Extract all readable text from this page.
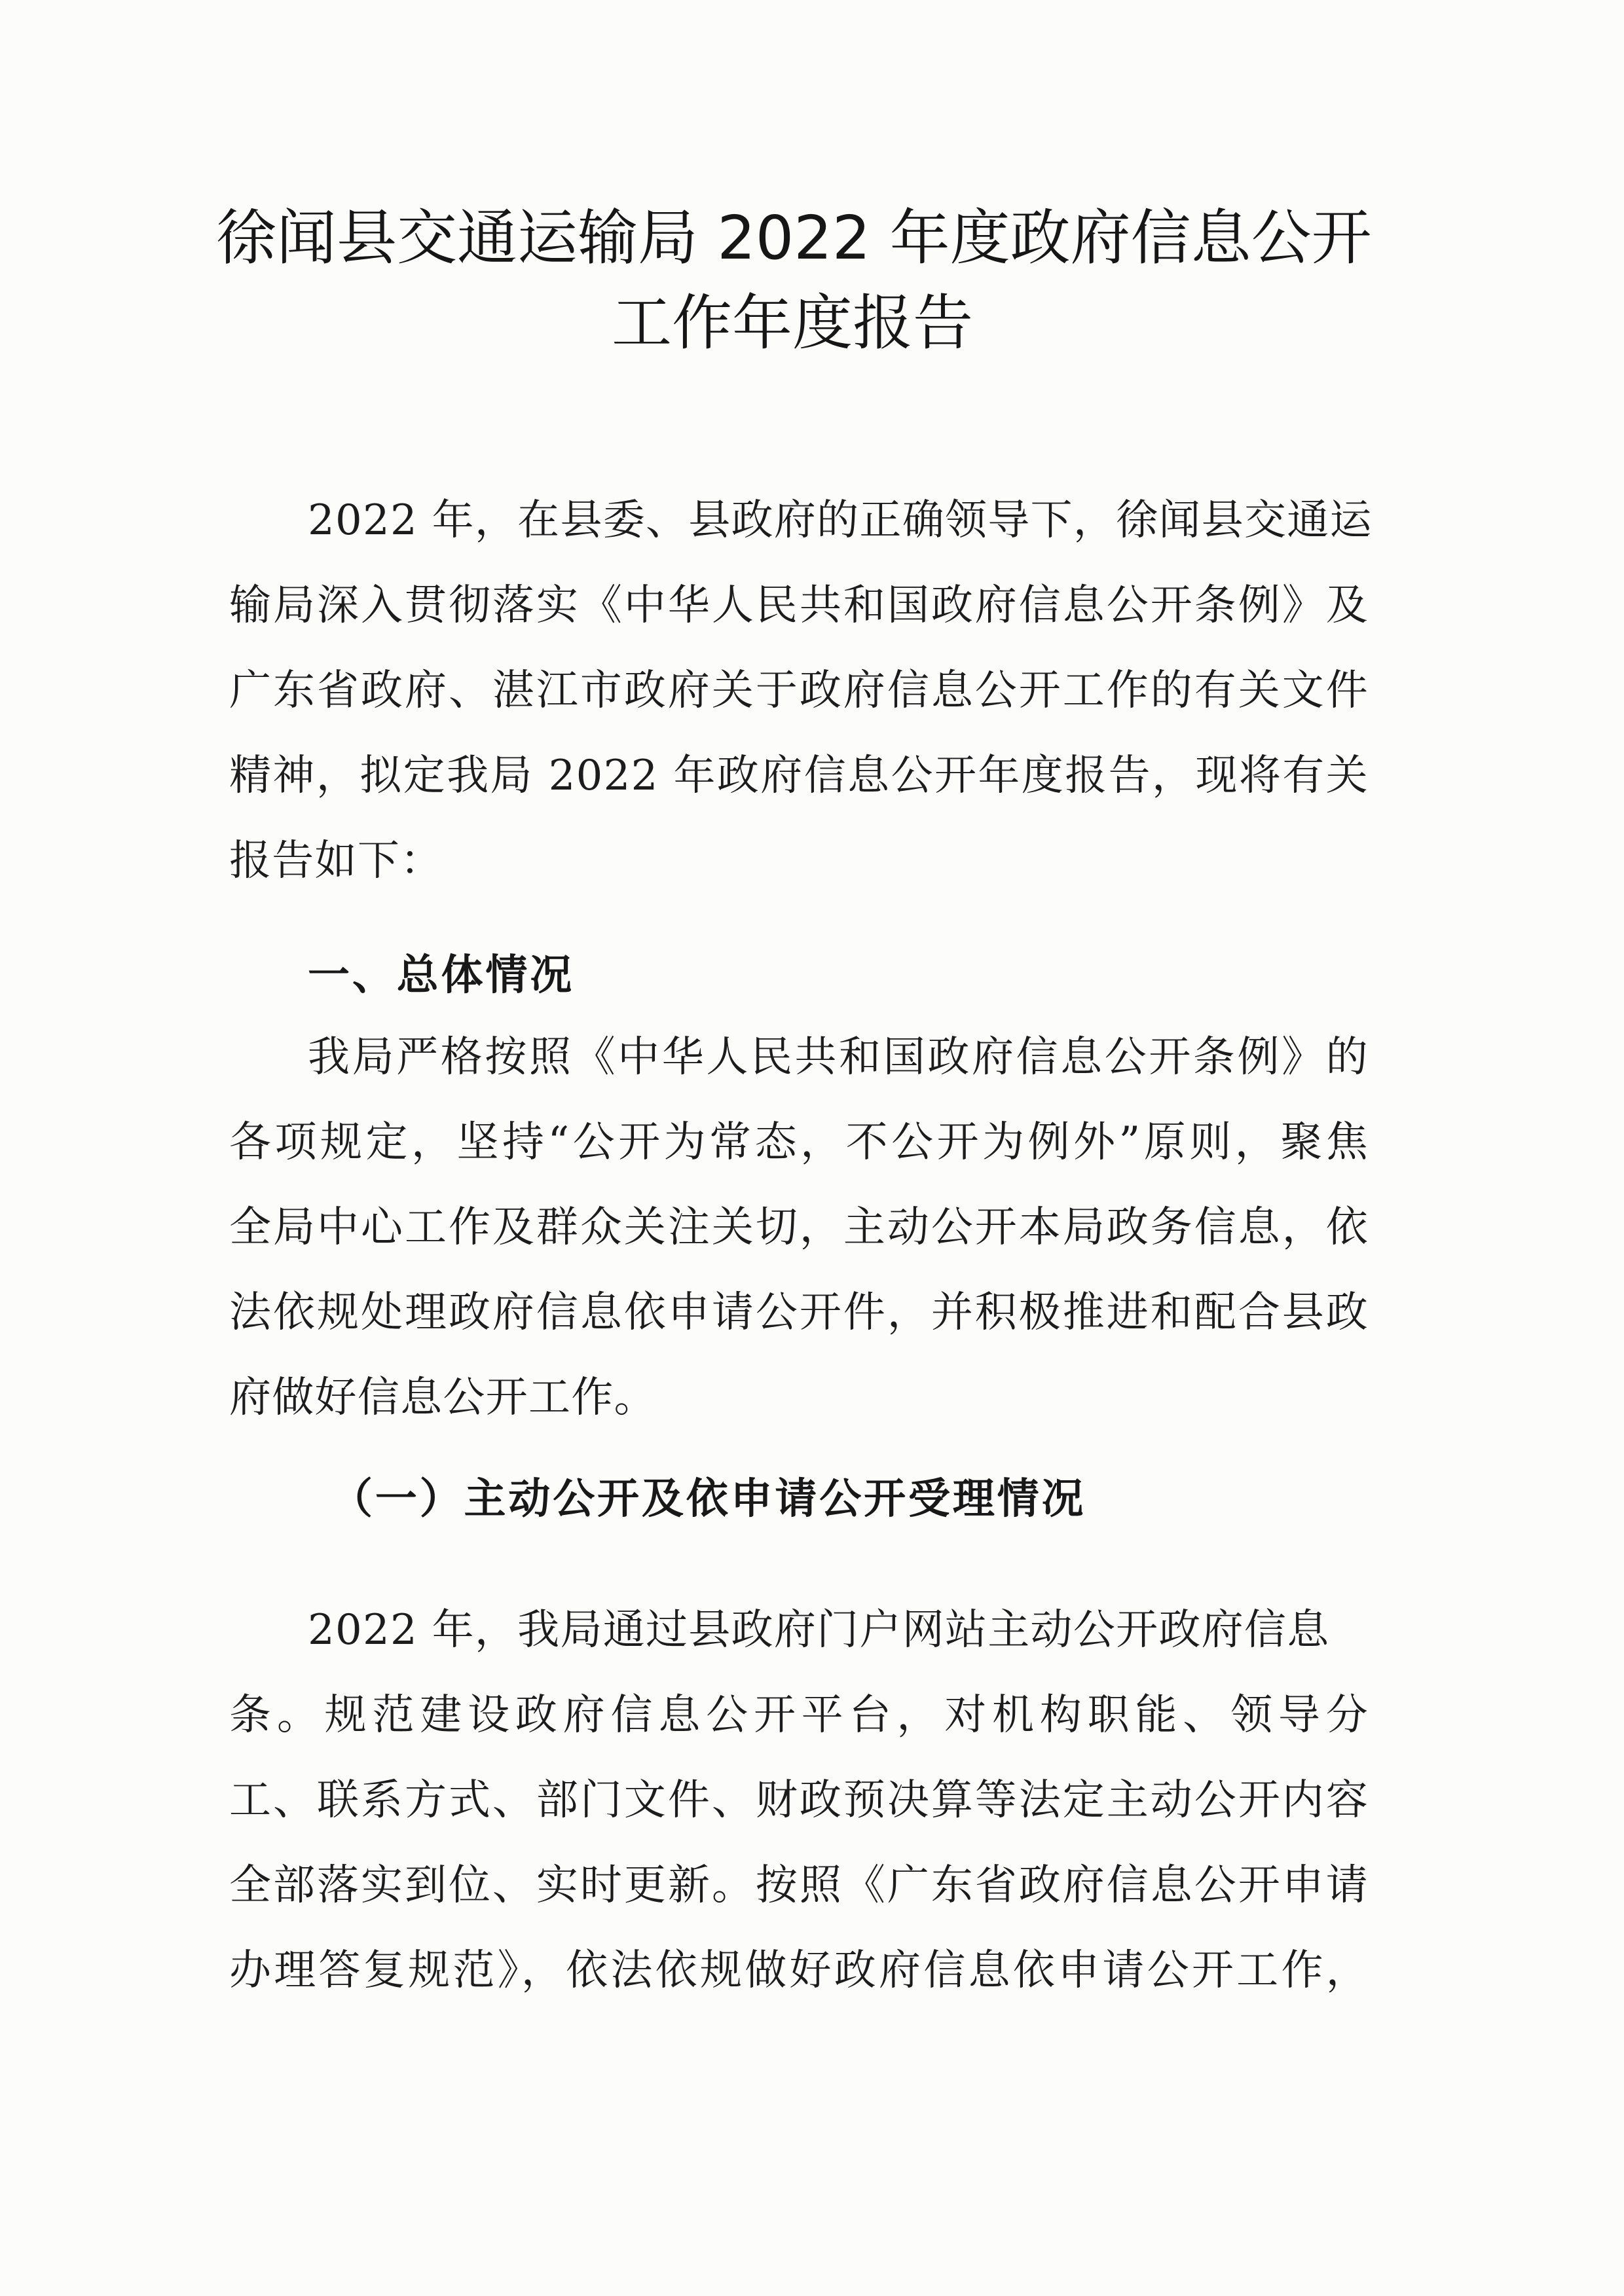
徐闻县交通运输局 2022 年度政府信息公开
工作年度报告

2022 年，在县委、县政府的正确领导下，徐闻县交通运

输局深入贯彻落实《中华人民共和国政府信息公开条例》及

广东省政府、湛江市政府关于政府信息公开工作的有关文件

精神，拟定我局 2022 年政府信息公开年度报告，现将有关

报告如下：

一、总体情况

我局严格按照《中华人民共和国政府信息公开条例》的

各项规定，坚持“公开为常态，不公开为例外”原则，聚焦

全局中心工作及群众关注关切，主动公开本局政务信息，依

法依规处理政府信息依申请公开件，并积极推进和配合县政

府做好信息公开工作。

（一）主动公开及依申请公开受理情况

2022 年，我局通过县政府门户网站主动公开政府信息

条。规范建设政府信息公开平台，对机构职能、领导分

工、联系方式、部门文件、财政预决算等法定主动公开内容

全部落实到位、实时更新。按照《广东省政府信息公开申请

办理答复规范》，依法依规做好政府信息依申请公开工作，
